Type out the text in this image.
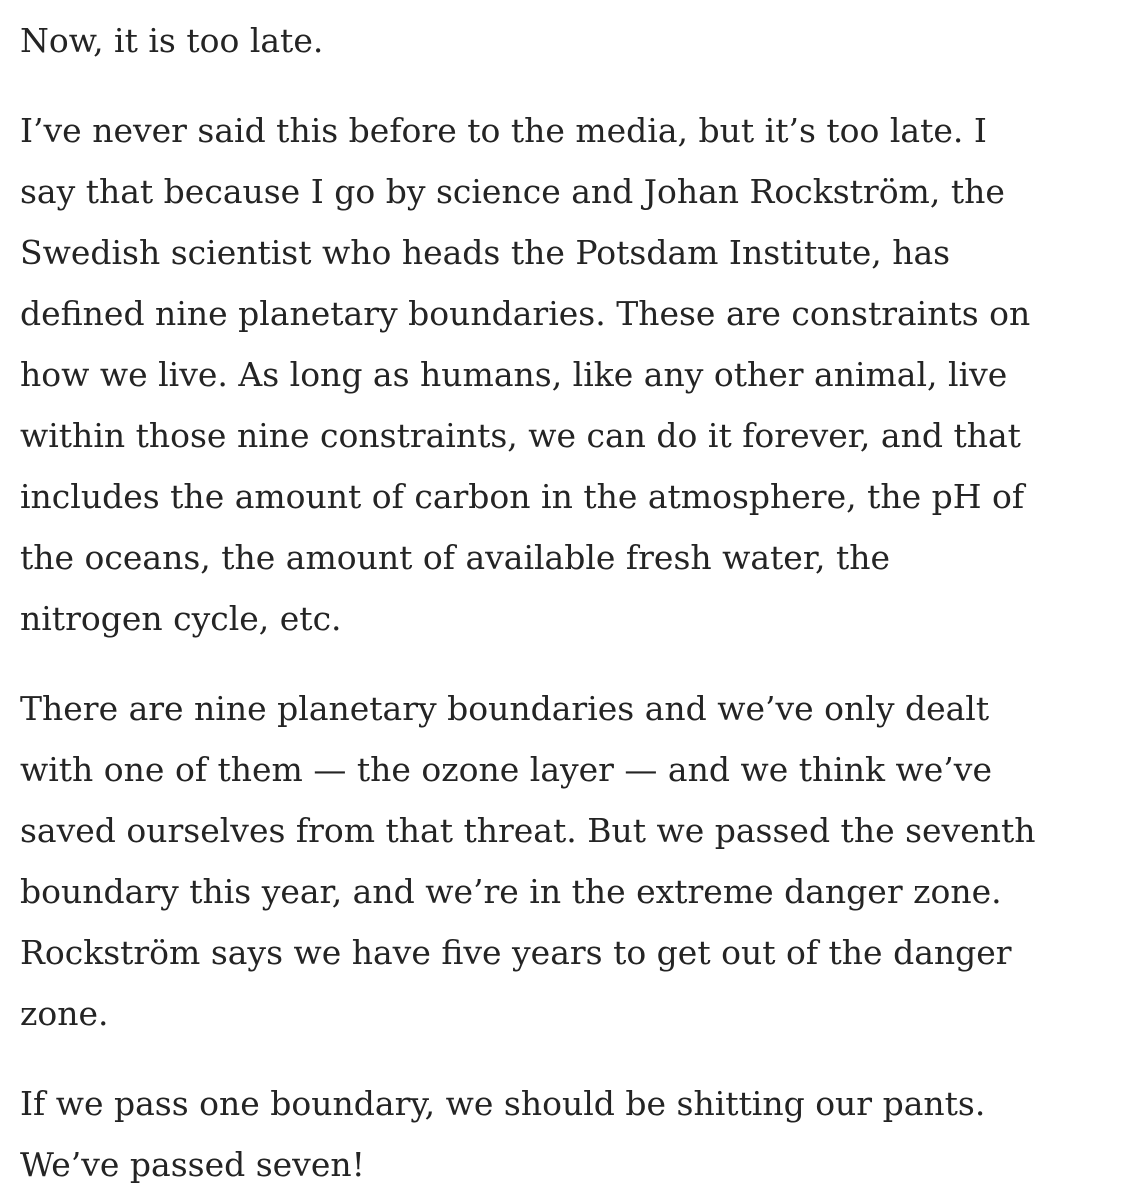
Now, it is too late.

I’ve never said this before to the media, but it’s too late. I
say that because I go by science and Johan Rockström, the
Swedish scientist who heads the Potsdam Institute, has
defined nine planetary boundaries. These are constraints on
how we live. As long as humans, like any other animal, live
within those nine constraints, we can do it forever, and that
includes the amount of carbon in the atmosphere, the pH of
the oceans, the amount of available fresh water, the
nitrogen cycle, etc.

There are nine planetary boundaries and we’ve only dealt
with one of them — the ozone layer — and we think we’ve
saved ourselves from that threat. But we passed the seventh
boundary this year, and we’re in the extreme danger zone.
Rockström says we have five years to get out of the danger
zone.

If we pass one boundary, we should be shitting our pants.
We’ve passed seven!
